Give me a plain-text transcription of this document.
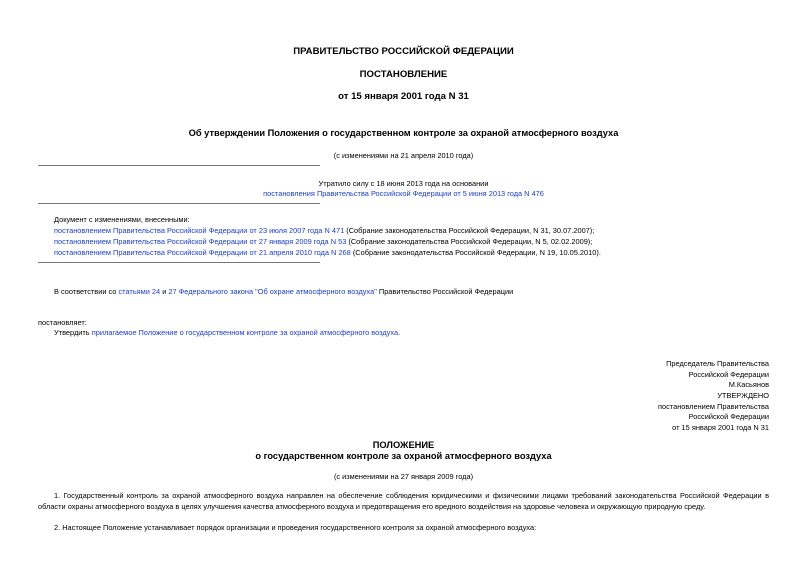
ПРАВИТЕЛЬСТВО РОССИЙСКОЙ ФЕДЕРАЦИИ
ПОСТАНОВЛЕНИЕ
от 15 января 2001 года N 31
Об утверждении Положения о государственном контроле за охраной атмосферного воздуха
(с изменениями на 21 апреля 2010 года)
Утратило силу с 18 июня 2013 года на основании
постановления Правительства Российской Федерации от 5 июня 2013 года N 476
Документ с изменениями, внесенными:
постановлением Правительства Российской Федерации от 23 июля 2007 года N 471 (Собрание законодательства Российской Федерации, N 31, 30.07.2007);
постановлением Правительства Российской Федерации от 27 января 2009 года N 53 (Собрание законодательства Российской Федерации, N 5, 02.02.2009);
постановлением Правительства Российской Федерации от 21 апреля 2010 года N 268 (Собрание законодательства Российской Федерации, N 19, 10.05.2010).
В соответствии со статьями 24 и 27 Федерального закона "Об охране атмосферного воздуха" Правительство Российской Федерации
постановляет:
Утвердить прилагаемое Положение о государственном контроле за охраной атмосферного воздуха.
Председатель Правительства
Российской Федерации
М.Касьянов
УТВЕРЖДЕНО
постановлением Правительства
Российской Федерации
от 15 января 2001 года N 31
ПОЛОЖЕНИЕ
о государственном контроле за охраной атмосферного воздуха
(с изменениями на 27 января 2009 года)
1. Государственный контроль за охраной атмосферного воздуха направлен на обеспечение соблюдения юридическими и физическими лицами требований законодательства Российской Федерации в области охраны атмосферного воздуха в целях улучшения качества атмосферного воздуха и предотвращения его вредного воздействия на здоровье человека и окружающую природную среду.
2. Настоящее Положение устанавливает порядок организации и проведения государственного контроля за охраной атмосферного воздуха:
